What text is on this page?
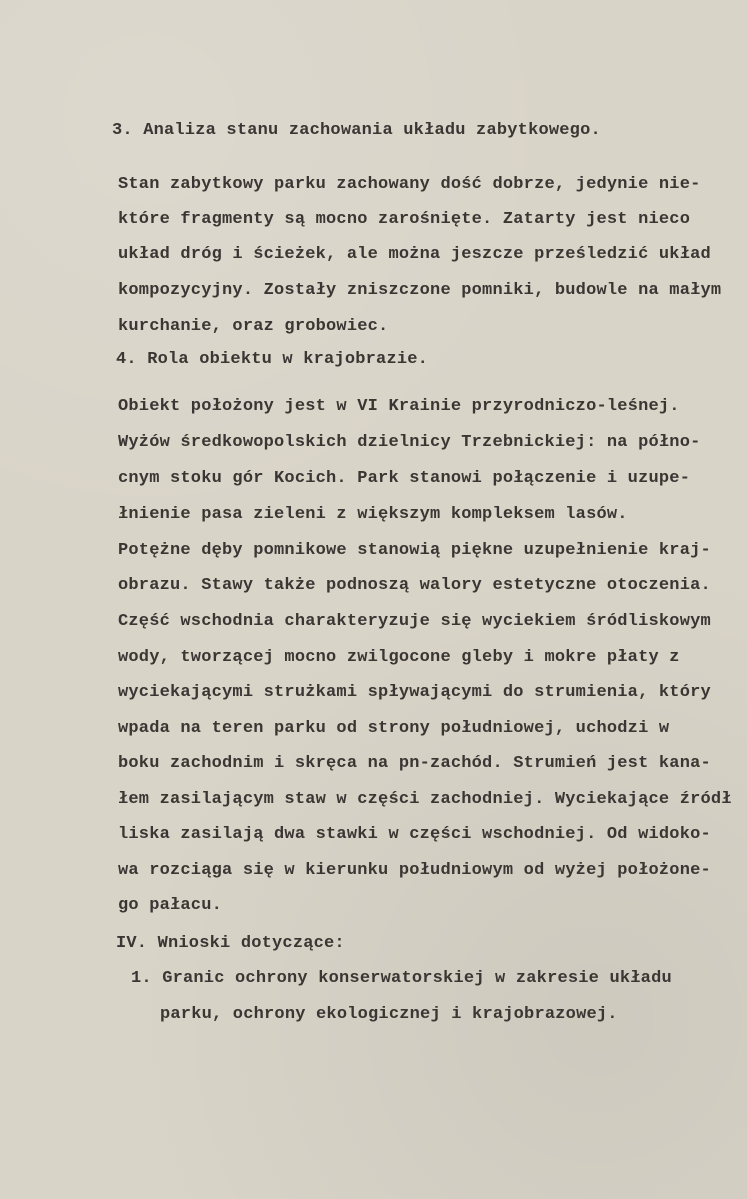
3. Analiza stanu zachowania układu zabytkowego.

Stan zabytkowy parku zachowany dość dobrze, jedynie nie-

które fragmenty są mocno zarośnięte. Zatarty jest nieco

układ dróg i ścieżek, ale można jeszcze prześledzić układ

kompozycyjny. Zostały zniszczone pomniki, budowle na małym

kurchanie, oraz grobowiec.

4. Rola obiektu w krajobrazie.

Obiekt położony jest w VI Krainie przyrodniczo-leśnej.

Wyżów średkowopolskich dzielnicy Trzebnickiej: na półno-

cnym stoku gór Kocich. Park stanowi połączenie i uzupe-

łnienie pasa zieleni z większym kompleksem lasów.

Potężne dęby pomnikowe stanowią piękne uzupełnienie kraj-

obrazu. Stawy także podnoszą walory estetyczne otoczenia.

Część wschodnia charakteryzuje się wyciekiem śródliskowym

wody, tworzącej mocno zwilgocone gleby i mokre płaty z

wyciekającymi strużkami spływającymi do strumienia, który

wpada na teren parku od strony południowej, uchodzi w

boku zachodnim i skręca na pn-zachód. Strumień jest kana-

łem zasilającym staw w części zachodniej. Wyciekające źródł

liska zasilają dwa stawki w części wschodniej. Od widoko-

wa rozciąga się w kierunku południowym od wyżej położone-

go pałacu.

IV. Wnioski dotyczące:

1. Granic ochrony konserwatorskiej w zakresie układu

parku, ochrony ekologicznej i krajobrazowej.
